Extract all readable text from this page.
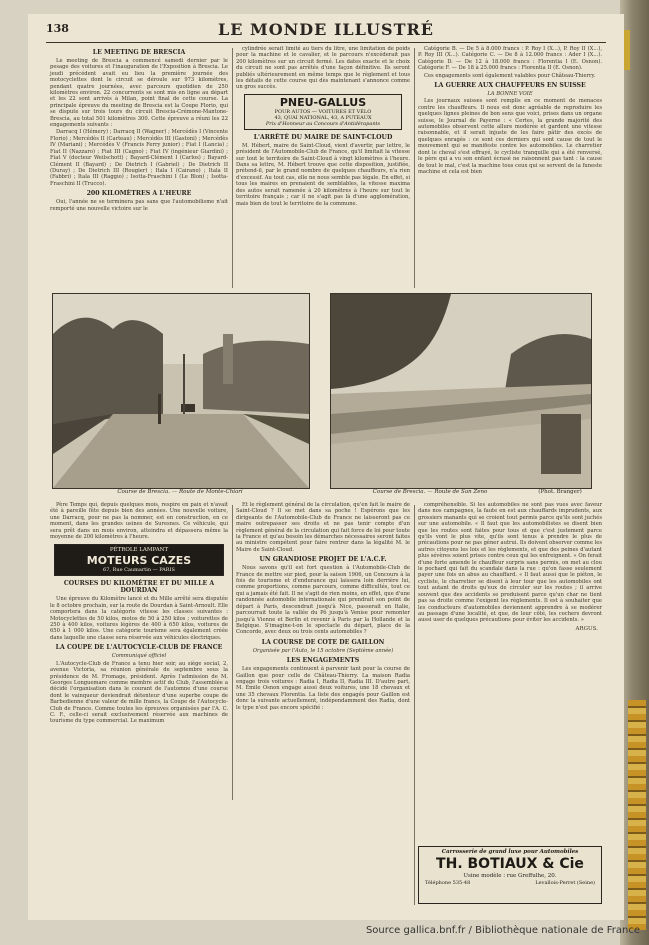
138	LE MONDE ILLUSTRÉ
LE MEETING DE BRESCIA

Le meeting de Brescia a commencé samedi dernier par le pesage des voitures et l'inauguration de l'Exposition à Brescia. Le jeudi précédent avait eu lieu la première journée des motocyclettes dont le circuit se déroule sur 973 kilomètres, pendant quatre journées, avec parcours quotidien de 250 kilomètres environ. 22 concurrents se sont mis en ligne au départ et les 22 sont arrivés à Milan, point final de cette course. La principale épreuve du meeting de Brescia est la Coupe Florio, qui se dispute sur trois tours du circuit Brescia-Crémone-Mantone-Brescia, au total 501 kilomètres 300. Cette épreuve a réuni les 22 engagements suivants :

Darracq I (Hémery) ; Darracq II (Wagner) ; Mercédès I (Vincente Florio) ; Mercédès II (Carteau) ; Mercédès III (Gastoni) ; Mercédès IV (Mariani) ; Mercédès V (Francis Ferry junior) ; Fiat I (Lancia) ; Fiat II (Nazzaro) ; Fiat III (Cagno) ; Fiat IV (ingénieur Giardini) ; Fiat V (docteur Weilschott) ; Bayard-Clément I (Carlos) ; Bayard-Clément II (Bayard) ; De Dietrich I (Gabriel) ; De Dietrich II (Duray) ; De Dietrich III (Rougier) ; Itala I (Cairano) ; Itala II (Fabbri) ; Itala III (Raggio) ; Isotta-Fraschini I (Le Blon) ; Isotta-Fraschini II (Trucco).

200 KILOMÈTRES A L'HEURE

Oui, l'année ne se terminera pas sans que l'automobilisme n'ait remporté une nouvelle victoire sur le

cylindrée serait limité au tiers du litre, une limitation de poids pour la machine et le cavalier, et le parcours n'excéderait pas 200 kilomètres sur un circuit fermé. Les dates exacte et le choix du circuit ne sont pas arrêtés d'une façon définitive. Ils seront publiés ultérieurement en même temps que le règlement et tous les détails de cette course qui dès maintenant s'annonce comme un gros succès.

PNEU-GALLUS
POUR AUTOS — VOITURES ET VÉLO
43, QUAI NATIONAL, 43, A PUTEAUX
Prix d'Honneur au Concours d'Antidérapants
L'ARRÊTÉ DU MAIRE DE SAINT-CLOUD

M. Hébert, maire de Saint-Cloud, vient d'avertir, par lettre, le président de l'Automobile-Club de France, qu'il limitait la vitesse sur tout le territoire de Saint-Cloud à vingt kilomètres à l'heure. Dans sa lettre, M. Hébert trouve que cette disposition, justifiée, prétend-il, par le grand nombre de quelques chauffeurs, n'a rien d'excessif. Au tout cas, elle ne nous semble pas légale. En effet, si tous les maires en prenaient de semblables, la vitesse maxima des autos serait ramenée à 20 kilomètres à l'heure sur tout le territoire français ; car il ne s'agit pas là d'une agglomération, mais bien de tout le territoire de la commune.

Catégorie B. — De 5 à 8.000 francs : P. Roy I (X...), P. Roy II (X...), P. Roy III (X...). Catégorie C. — De 8 à 12.000 francs : Ader I (X...). Catégorie D. — De 12 à 18.000 francs : Florentia I (E. Osnon). Catégorie F. — De 18 à 25.000 francs : Florentia II (E. Osnon).

Ces engagements sont également valables pour Château-Thierry.

LA GUERRE AUX CHAUFFEURS EN SUISSE
LA BONNE VOIE

Les journaux suisses sont remplis en ce moment de menaces contre les chauffeurs. Il nous est donc agréable de reproduire les quelques lignes pleines de bon sens que voici, prises dans un organe suisse, le Journal de Payerne : « Certes, la grande majorité des automobiles observent cette allure modérée et gardent une vitesse raisonnable, et il serait injuste de les faire pâtir des excès de quelques enragés : ce sont ces derniers qui sont cause de tout le mouvement qui se manifeste contre les automobiles. Le charretier dont le cheval s'est effrayé, le cycliste tranquille qui a été renversé, le père qui a vu son enfant écrasé ne raisonnent pas tant : la cause de tout le mal, c'est la machine tous ceux qui se servent de la funeste machine et cela est bien

Course de Brescia. — Route de Monte-Chiari	Course de Brescia. — Route de San Zeno	(Phot. Branger)

Père Temps qui, depuis quelques mois, respire en paix et n'avait été à pareille fête depuis bien des années. Une nouvelle voiture, une Darracq, pour ne pas la nommer, est en construction, en ce moment, dans les grandes usines de Suresnes. Ce véhicule, qui sera prêt dans un mois environ, atteindra et dépassera même la moyenne de 200 kilomètres à l'heure.

PÉTROLE LAMPANT
MOTEURS CAZES
67, Rue Caumartin — PARIS
COURSES DU KILOMÈTRE ET DU MILLE A DOURDAN

Une épreuve du Kilomètre lancé et du Mille arrêté sera disputée le 8 octobre prochain, sur la route de Dourdan à Saint-Arnoult. Elle comportera dans la catégorie vitesse les classes suivantes : Motocyclettes de 50 kilos, motos de 50 à 250 kilos ; voiturettes de 250 à 400 kilos, voitures légères de 400 à 650 kilos, voitures de 650 à 1 000 kilos. Une catégorie tourisme sera également créée dans laquelle une classe sera réservée aux véhicules électriques.

LA COUPE DE L'AUTOCYCLE-CLUB DE FRANCE
Communiqué officiel

L'Autocycle-Club de France a tenu hier soir, au siège social, 2, avenue Victoria, sa réunion générale de septembre sous la présidence de M. Fromage, président. Après l'admission de M. Georges Longuemare comme membre actif du Club, l'assemblée a décidé l'organisation dans le courant de l'automne d'une course dont le vainqueur deviendrait détenteur d'une superbe coupe de Barbedienne d'une valeur de mille francs, la Coupe de l'Autocycle-Club de France. Comme toutes les épreuves organisées par l'A. C. C. F., celle-ci serait exclusivement réservée aux machines de tourisme du type commercial. Le maximum

Et le règlement général de la circulation, qu'en fait le maire de Saint-Cloud ? Il se met dans sa poche ! Espérons que les dirigeants de l'Automobile-Club de France ne laisseront pas ce maire outrepasser ses droits et ne pas tenir compte d'un règlement général de la circulation qui fait force de loi pour toute la France et qu'au besoin les démarches nécessaires seront faites au ministre compétent pour faire rentrer dans la légalité M. le Maire de Saint-Cloud.

UN GRANDIOSE PROJET DE L'A.C.F.

Nous savons qu'il est fort question à l'Automobile-Club de France de mettre sur pied, pour la saison 1906, un Concours à la fois de tourisme et d'endurance qui laissera loin derrière lui, comme proportions, comme parcours, comme difficultés, tout ce qui a jamais été fait. Il ne s'agit de rien moins, en effet, que d'une randonnée automobile internationale qui prendrait son point de départ à Paris, descendrait jusqu'à Nice, passerait en Italie, parcourrait toute la vallée du Pô jusqu'à Venise pour remonter jusqu'à Vienne et Berlin et revenir à Paris par la Hollande et la Belgique. S'imagine-t-on le spectacle du départ, place de la Concorde, avec deux ou trois cents automobiles ?

LA COURSE DE COTE DE GAILLON
Organisée par l'Auto, le 15 octobre (Septième année)
LES ENGAGEMENTS

Les engagements continuent à parvenir tant pour la course de Gaillon que pour celle de Château-Thierry. La maison Radia engage trois voitures : Radia I, Radia II, Radia III. D'autre part, M. Émile Osnon engage aussi deux voitures, une 18 chevaux et une 35 chevaux Florentia. La liste des engagés pour Gaillon est donc la suivante actuellement, indépendamment des Radia, dont le type n'est pas encore spécifié :

compréhensible. Si les automobiles ne sont pas vues avec faveur dans nos campagnes, la faute en est aux chauffards imprudents, aux grossiers manants qui se croient tout permis parce qu'ils sont juchés sur une automobile. « Il faut que les automobilistes se disent bien que les routes sont faites pour tous et que c'est justement parce qu'ils vont le plus vite, qu'ils sont tenus à prendre le plus de précautions pour ne pas gêner autrui. Ils doivent observer comme les autres citoyens les lois et les règlements, et que des peines d'autant plus sévères soient prises contre ceux qui les enfreignent. « On ferait d'une forte amende le chauffeur surpris sans permis, on met au clou le pochard qui fait du scandale dans la rue : qu'on fasse seulement payer une fois un abus au chauffard. « Il faut aussi que le piéton, le cycliste, le charretier se disent à leur tour que les automobiles ont tout autant de droits qu'eux de circuler sur les routes ; il arrive souvent que des accidents se produisent parce qu'un char ne tient pas sa droite comme l'exigent les règlements. Il est à souhaiter que les conducteurs d'automobiles deviennent apprendre à se modérer au passage d'une localité, et que, de leur côté, les cochers devront aussi user de quelques précautions pour éviter les accidents. »

ARGUS.
Carrosserie de grand luxe pour Automobiles
TH. BOTIAUX & Cie
Usine modèle : rue Greffulhe, 20.
Téléphone 535-48	Levallois-Perret (Seine)
Source gallica.bnf.fr / Bibliothèque nationale de France
